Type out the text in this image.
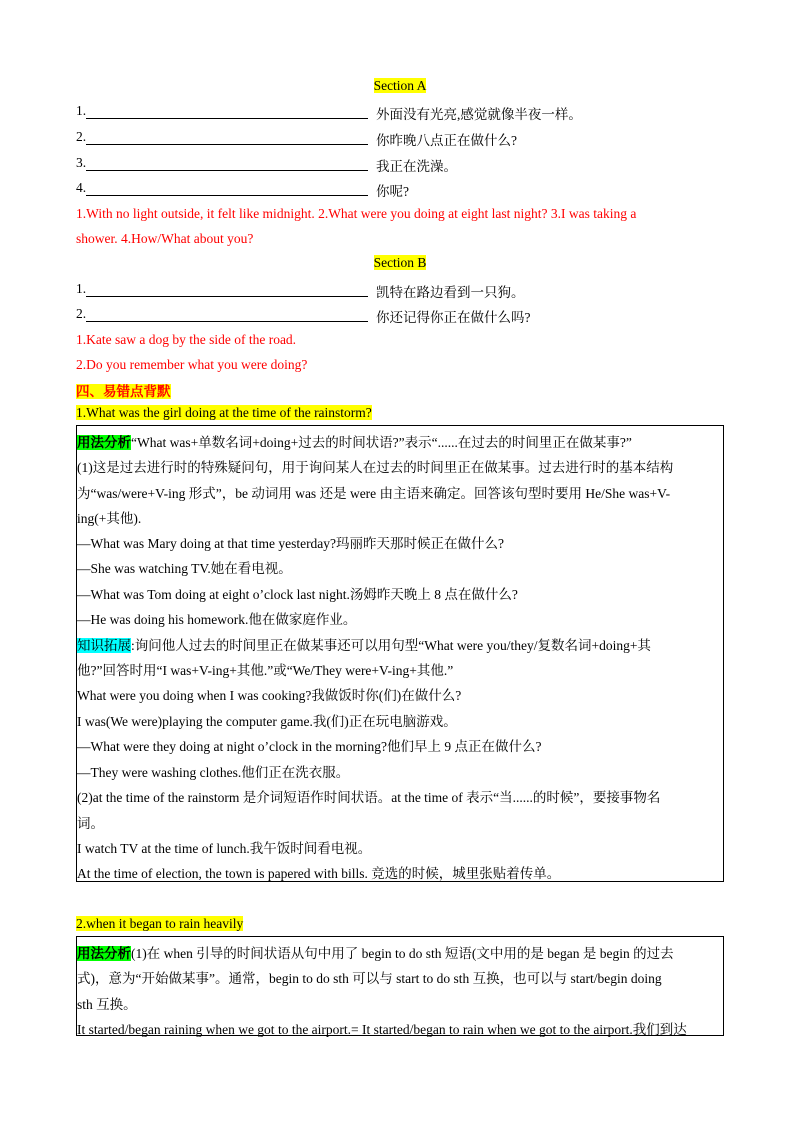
Section A
1.	外面没有光亮,感觉就像半夜一样。
2.	你昨晚八点正在做什么?
3.	我正在洗澡。
4.	你呢?
1.With no light outside, it felt like midnight. 2.What were you doing at eight last night? 3.I was taking a
shower. 4.How/What about you?
Section B
1.	凯特在路边看到一只狗。
2.	你还记得你正在做什么吗?
1.Kate saw a dog by the side of the road.
2.Do you remember what you were doing?
四、易错点背默
1.What was the girl doing at the time of the rainstorm?
用法分析“What was+单数名词+doing+过去的时间状语?”表示“......在过去的时间里正在做某事?”
(1)这是过去进行时的特殊疑问句，用于询问某人在过去的时间里正在做某事。过去进行时的基本结构
为“was/were+V-ing 形式”，be 动词用 was 还是 were 由主语来确定。回答该句型时要用 He/She was+V-
ing(+其他).
—What was Mary doing at that time yesterday?玛丽昨天那时候正在做什么?
—She was watching TV.她在看电视。
—What was Tom doing at eight o’clock last night.汤姆昨天晚上 8 点在做什么?
—He was doing his homework.他在做家庭作业。
知识拓展:询问他人过去的时间里正在做某事还可以用句型“What were you/they/复数名词+doing+其
他?”回答时用“I was+V-ing+其他.”或“We/They were+V-ing+其他.”
What were you doing when I was cooking?我做饭时你(们)在做什么?
I was(We were)playing the computer game.我(们)正在玩电脑游戏。
—What were they doing at night o’clock in the morning?他们早上 9 点正在做什么?
—They were washing clothes.他们正在洗衣服。
(2)at the time of the rainstorm 是介词短语作时间状语。at the time of 表示“当......的时候”，要接事物名
词。
I watch TV at the time of lunch.我午饭时间看电视。
At the time of election, the town is papered with bills. 竞选的时候，城里张贴着传单。
2.when it began to rain heavily
用法分析(1)在 when 引导的时间状语从句中用了 begin to do sth 短语(文中用的是 began 是 begin 的过去
式)，意为“开始做某事”。通常，begin to do sth 可以与 start to do sth 互换，也可以与 start/begin doing
sth 互换。
It started/began raining when we got to the airport.= It started/began to rain when we got to the airport.我们到达
